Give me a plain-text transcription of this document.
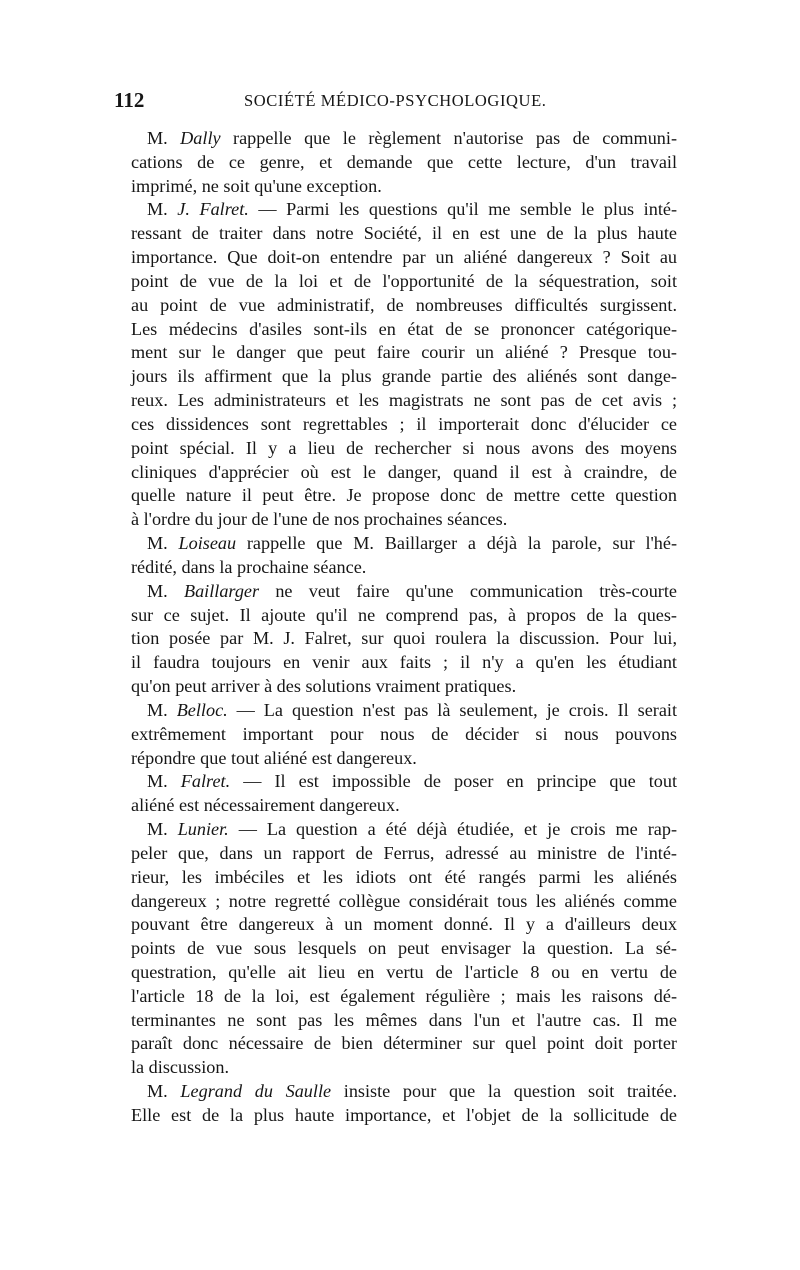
112	SOCIÉTÉ MÉDICO-PSYCHOLOGIQUE.
M. Dally rappelle que le règlement n'autorise pas de communi-
cations de ce genre, et demande que cette lecture, d'un travail
imprimé, ne soit qu'une exception.
M. J. Falret. — Parmi les questions qu'il me semble le plus inté-
ressant de traiter dans notre Société, il en est une de la plus haute
importance. Que doit-on entendre par un aliéné dangereux ? Soit au
point de vue de la loi et de l'opportunité de la séquestration, soit
au point de vue administratif, de nombreuses difficultés surgissent.
Les médecins d'asiles sont-ils en état de se prononcer catégorique-
ment sur le danger que peut faire courir un aliéné ? Presque tou-
jours ils affirment que la plus grande partie des aliénés sont dange-
reux. Les administrateurs et les magistrats ne sont pas de cet avis ;
ces dissidences sont regrettables ; il importerait donc d'élucider ce
point spécial. Il y a lieu de rechercher si nous avons des moyens
cliniques d'apprécier où est le danger, quand il est à craindre, de
quelle nature il peut être. Je propose donc de mettre cette question
à l'ordre du jour de l'une de nos prochaines séances.
M. Loiseau rappelle que M. Baillarger a déjà la parole, sur l'hé-
rédité, dans la prochaine séance.
M. Baillarger ne veut faire qu'une communication très-courte
sur ce sujet. Il ajoute qu'il ne comprend pas, à propos de la ques-
tion posée par M. J. Falret, sur quoi roulera la discussion. Pour lui,
il faudra toujours en venir aux faits ; il n'y a qu'en les étudiant
qu'on peut arriver à des solutions vraiment pratiques.
M. Belloc. — La question n'est pas là seulement, je crois. Il serait
extrêmement important pour nous de décider si nous pouvons
répondre que tout aliéné est dangereux.
M. Falret. — Il est impossible de poser en principe que tout
aliéné est nécessairement dangereux.
M. Lunier. — La question a été déjà étudiée, et je crois me rap-
peler que, dans un rapport de Ferrus, adressé au ministre de l'inté-
rieur, les imbéciles et les idiots ont été rangés parmi les aliénés
dangereux ; notre regretté collègue considérait tous les aliénés comme
pouvant être dangereux à un moment donné. Il y a d'ailleurs deux
points de vue sous lesquels on peut envisager la question. La sé-
questration, qu'elle ait lieu en vertu de l'article 8 ou en vertu de
l'article 18 de la loi, est également régulière ; mais les raisons dé-
terminantes ne sont pas les mêmes dans l'un et l'autre cas. Il me
paraît donc nécessaire de bien déterminer sur quel point doit porter
la discussion.
M. Legrand du Saulle insiste pour que la question soit traitée.
Elle est de la plus haute importance, et l'objet de la sollicitude de
